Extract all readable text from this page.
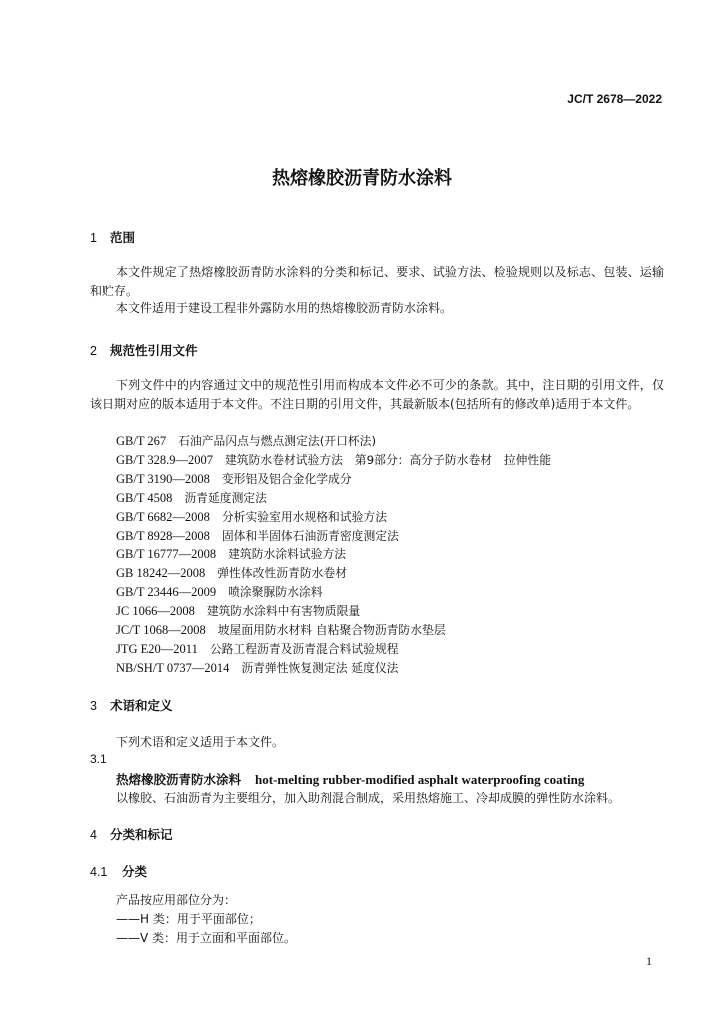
JC/T 2678—2022
热熔橡胶沥青防水涂料
1 范围
本文件规定了热熔橡胶沥青防水涂料的分类和标记、要求、试验方法、检验规则以及标志、包装、运输和贮存。
本文件适用于建设工程非外露防水用的热熔橡胶沥青防水涂料。
2 规范性引用文件
下列文件中的内容通过文中的规范性引用而构成本文件必不可少的条款。其中，注日期的引用文件，仅该日期对应的版本适用于本文件。不注日期的引用文件，其最新版本(包括所有的修改单)适用于本文件。
GB/T 267 石油产品闪点与燃点测定法(开口杯法)
GB/T 328.9—2007 建筑防水卷材试验方法　第9部分：高分子防水卷材　拉伸性能
GB/T 3190—2008 变形铝及铝合金化学成分
GB/T 4508 沥青延度测定法
GB/T 6682—2008 分析实验室用水规格和试验方法
GB/T 8928—2008 固体和半固体石油沥青密度测定法
GB/T 16777—2008 建筑防水涂料试验方法
GB 18242—2008 弹性体改性沥青防水卷材
GB/T 23446—2009 喷涂聚脲防水涂料
JC 1066—2008 建筑防水涂料中有害物质限量
JC/T 1068—2008 坡屋面用防水材料 自粘聚合物沥青防水垫层
JTG E20—2011 公路工程沥青及沥青混合料试验规程
NB/SH/T 0737—2014 沥青弹性恢复测定法 延度仪法
3 术语和定义
下列术语和定义适用于本文件。
3.1
热熔橡胶沥青防水涂料 hot-melting rubber-modified asphalt waterproofing coating
以橡胶、石油沥青为主要组分，加入助剂混合制成，采用热熔施工、冷却成膜的弹性防水涂料。
4 分类和标记
4.1 分类
产品按应用部位分为：
——H 类：用于平面部位；
——V 类：用于立面和平面部位。
1
